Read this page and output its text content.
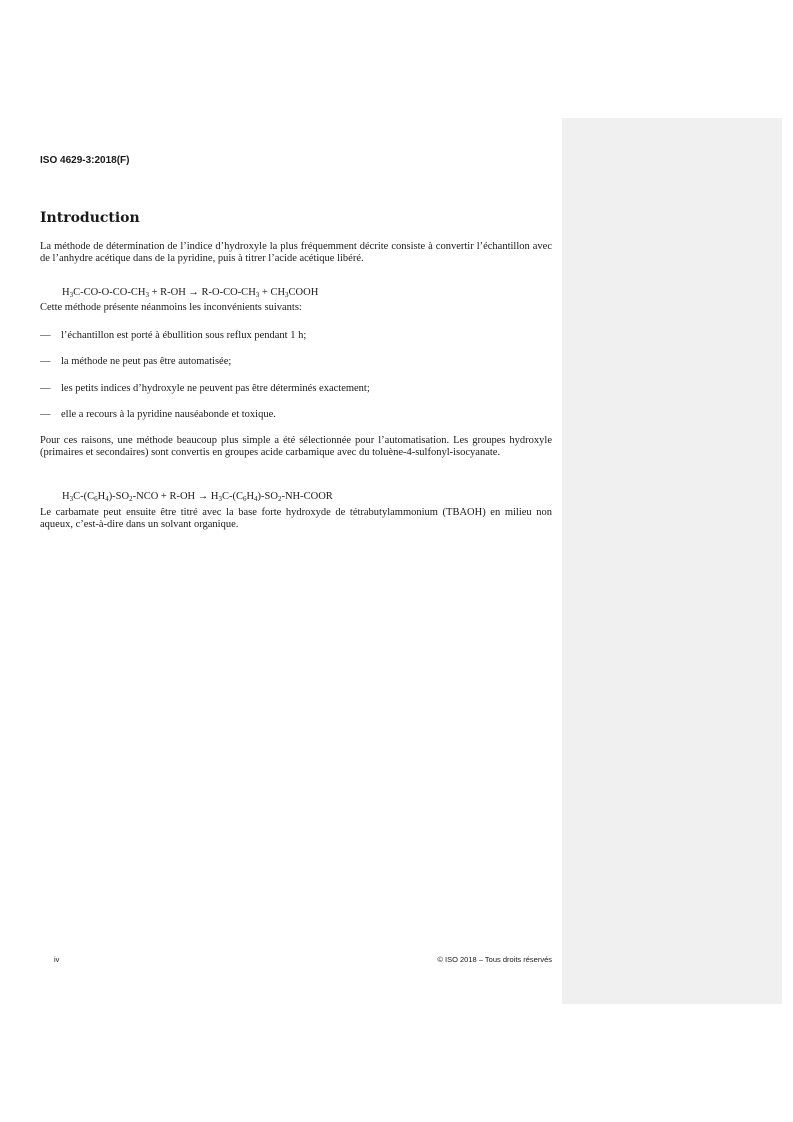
ISO 4629-3:2018(F)
Introduction
La méthode de détermination de l’indice d’hydroxyle la plus fréquemment décrite consiste à convertir l’échantillon avec de l’anhydre acétique dans de la pyridine, puis à titrer l’acide acétique libéré.
$H_3C-CO-O-CO-CH_3 + R-OH \to R-O-CO-CH_3$ + $CH_3COOH$
Cette méthode présente néanmoins les inconvénients suivants:
— l’échantillon est porté à ébullition sous reflux pendant 1 h;
— la méthode ne peut pas être automatisée;
— les petits indices d’hydroxyle ne peuvent pas être déterminés exactement;
— elle a recours à la pyridine nauséabonde et toxique.
Pour ces raisons, une méthode beaucoup plus simple a été sélectionnée pour l’automatisation. Les groupes hydroxyle (primaires et secondaires) sont convertis en groupes acide carbamique avec du toluène-4-sulfonyl-isocyanate.
$H_3C-(C_6H_4)-SO_2$-NCO + $R-OH \to H_3C-(C_6H_4)-SO_2-NH$-COOR
Le carbamate peut ensuite être titré avec la base forte hydroxyde de tétrabutylammonium (TBAOH) en milieu non aqueux, c’est-à-dire dans un solvant organique.
iv	© ISO 2018 – Tous droits réservés
